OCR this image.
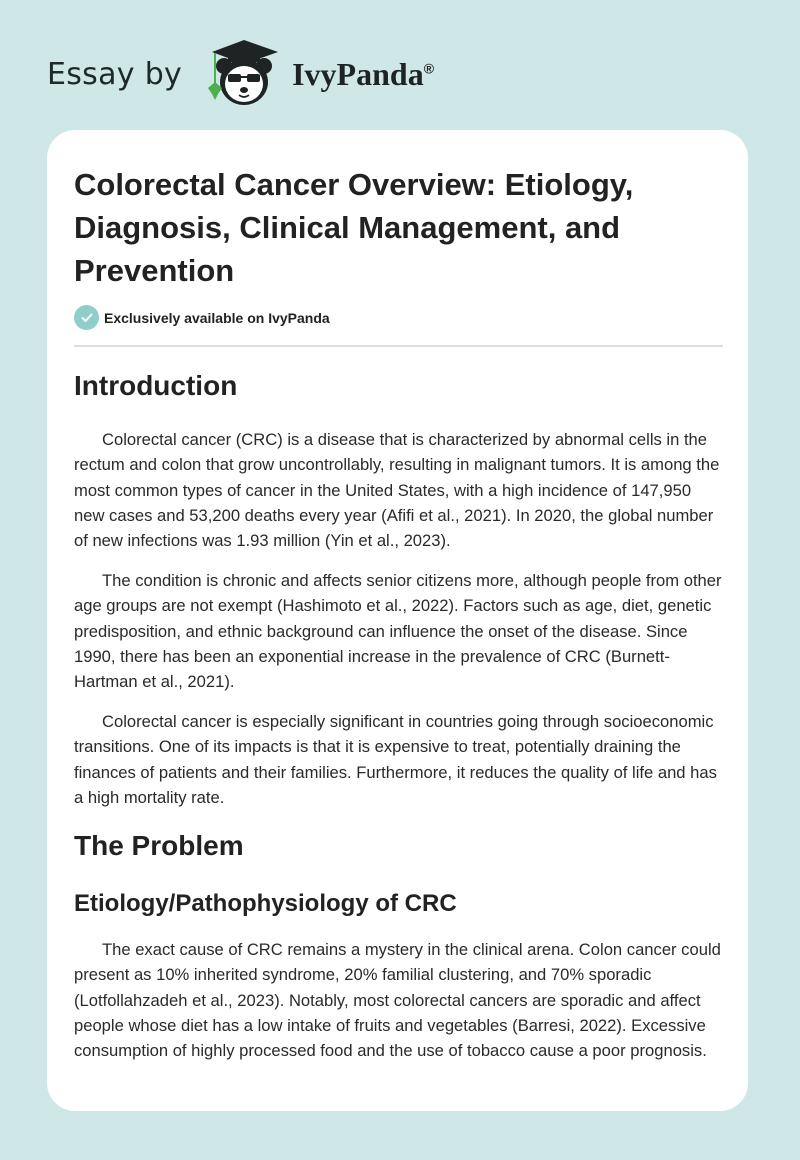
Essay by	IvyPanda®
Colorectal Cancer Overview: Etiology, Diagnosis, Clinical Management, and Prevention
Exclusively available on IvyPanda
Introduction

Colorectal cancer (CRC) is a disease that is characterized by abnormal cells in the rectum and colon that grow uncontrollably, resulting in malignant tumors. It is among the most common types of cancer in the United States, with a high incidence of 147,950 new cases and 53,200 deaths every year (Afifi et al., 2021). In 2020, the global number of new infections was 1.93 million (Yin et al., 2023).

The condition is chronic and affects senior citizens more, although people from other age groups are not exempt (Hashimoto et al., 2022). Factors such as age, diet, genetic predisposition, and ethnic background can influence the onset of the disease. Since 1990, there has been an exponential increase in the prevalence of CRC (Burnett-Hartman et al., 2021).

Colorectal cancer is especially significant in countries going through socioeconomic transitions. One of its impacts is that it is expensive to treat, potentially draining the finances of patients and their families. Furthermore, it reduces the quality of life and has a high mortality rate.

The Problem
Etiology/Pathophysiology of CRC

The exact cause of CRC remains a mystery in the clinical arena. Colon cancer could present as 10% inherited syndrome, 20% familial clustering, and 70% sporadic (Lotfollahzadeh et al., 2023). Notably, most colorectal cancers are sporadic and affect people whose diet has a low intake of fruits and vegetables (Barresi, 2022). Excessive consumption of highly processed food and the use of tobacco cause a poor prognosis.
